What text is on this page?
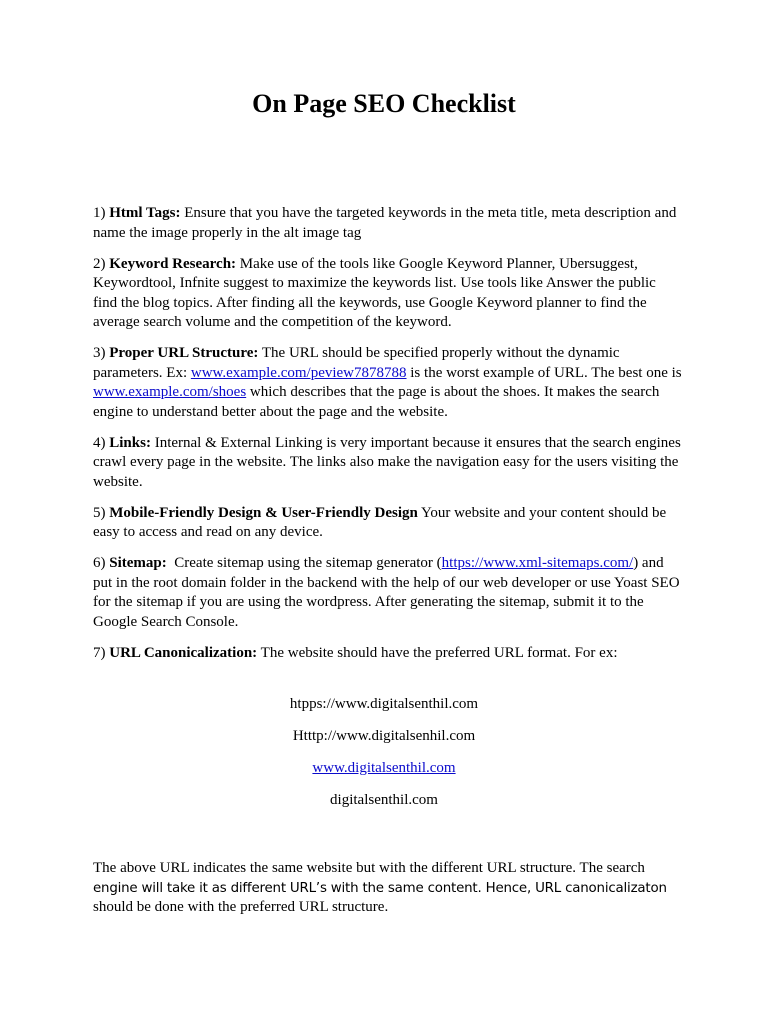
On Page SEO Checklist

1) Html Tags: Ensure that you have the targeted keywords in the meta title, meta description and name the image properly in the alt image tag

2) Keyword Research: Make use of the tools like Google Keyword Planner, Ubersuggest, Keywordtool, Infnite suggest to maximize the keywords list. Use tools like Answer the public find the blog topics. After finding all the keywords, use Google Keyword planner to find the average search volume and the competition of the keyword.

3) Proper URL Structure: The URL should be specified properly without the dynamic parameters. Ex: www.example.com/peview7878788 is the worst example of URL. The best one is www.example.com/shoes which describes that the page is about the shoes. It makes the search engine to understand better about the page and the website.

4) Links: Internal & External Linking is very important because it ensures that the search engines crawl every page in the website. The links also make the navigation easy for the users visiting the website.

5) Mobile-Friendly Design & User-Friendly Design Your website and your content should be easy to access and read on any device.

6) Sitemap:  Create sitemap using the sitemap generator (https://www.xml-sitemaps.com/) and put in the root domain folder in the backend with the help of our web developer or use Yoast SEO for the sitemap if you are using the wordpress. After generating the sitemap, submit it to the Google Search Console.

7) URL Canonicalization: The website should have the preferred URL format. For ex:

htpps://www.digitalsenthil.com
Htttp://www.digitalsenhil.com
www.digitalsenthil.com
digitalsenthil.com
The above URL indicates the same website but with the different URL structure. The search
engine will take it as different URL’s with the same content. Hence, URL canonicalizaton
should be done with the preferred URL structure.
